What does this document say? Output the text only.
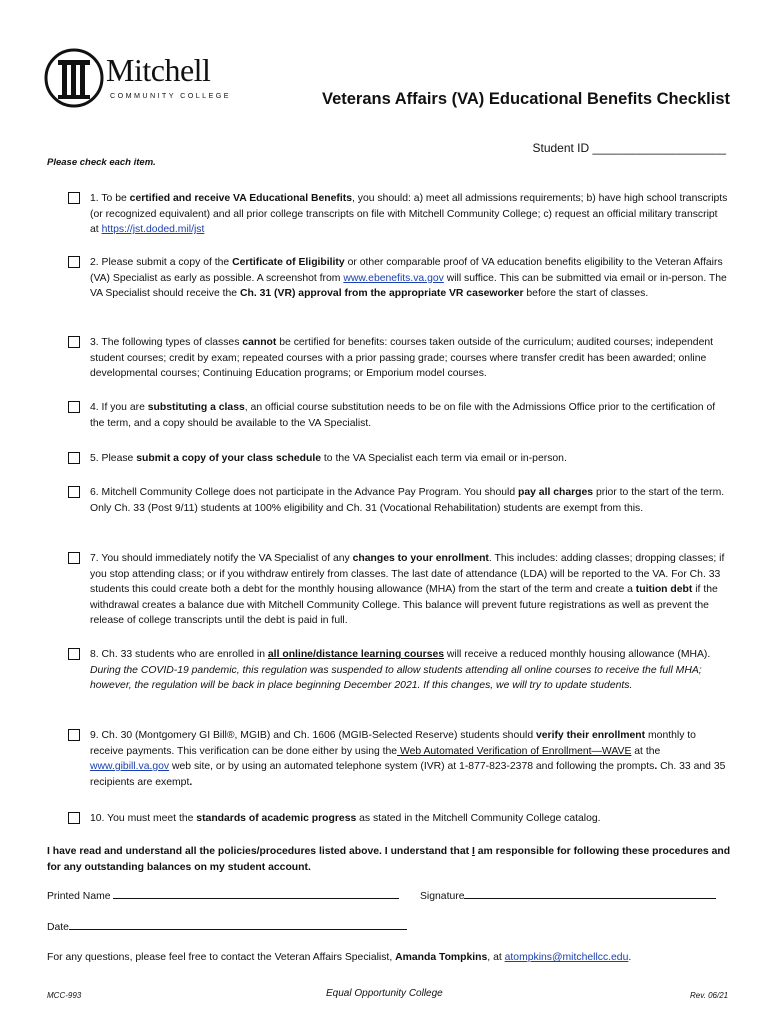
Mitchell
COMMUNITY COLLEGE	Veterans Affairs (VA) Educational Benefits Checklist
Student ID ____________________
Please check each item.
1. To be certified and receive VA Educational Benefits, you should: a) meet all admissions requirements; b) have high school transcripts (or recognized equivalent) and all prior college transcripts on file with Mitchell Community College; c) request an official military transcript at https://jst.doded.mil/jst
2. Please submit a copy of the Certificate of Eligibility or other comparable proof of VA education benefits eligibility to the Veteran Affairs (VA) Specialist as early as possible. A screenshot from www.ebenefits.va.gov will suffice. This can be submitted via email or in-person. The VA Specialist should receive the Ch. 31 (VR) approval from the appropriate VR caseworker before the start of classes.
3. The following types of classes cannot be certified for benefits: courses taken outside of the curriculum; audited courses; independent student courses; credit by exam; repeated courses with a prior passing grade; courses where transfer credit has been awarded; online developmental courses; Continuing Education programs; or Emporium model courses.
4. If you are substituting a class, an official course substitution needs to be on file with the Admissions Office prior to the certification of the term, and a copy should be available to the VA Specialist.
5. Please submit a copy of your class schedule to the VA Specialist each term via email or in-person.
6. Mitchell Community College does not participate in the Advance Pay Program. You should pay all charges prior to the start of the term. Only Ch. 33 (Post 9/11) students at 100% eligibility and Ch. 31 (Vocational Rehabilitation) students are exempt from this.
7. You should immediately notify the VA Specialist of any changes to your enrollment. This includes: adding classes; dropping classes; if you stop attending class; or if you withdraw entirely from classes. The last date of attendance (LDA) will be reported to the VA. For Ch. 33 students this could create both a debt for the monthly housing allowance (MHA) from the start of the term and create a tuition debt if the withdrawal creates a balance due with Mitchell Community College. This balance will prevent future registrations as well as prevent the release of college transcripts until the debt is paid in full.
8. Ch. 33 students who are enrolled in all online/distance learning courses will receive a reduced monthly housing allowance (MHA). During the COVID-19 pandemic, this regulation was suspended to allow students attending all online courses to receive the full MHA; however, the regulation will be back in place beginning December 2021. If this changes, we will try to update students.
9. Ch. 30 (Montgomery GI Bill®, MGIB) and Ch. 1606 (MGIB-Selected Reserve) students should verify their enrollment monthly to receive payments. This verification can be done either by using the Web Automated Verification of Enrollment—WAVE at the www.gibill.va.gov web site, or by using an automated telephone system (IVR) at 1-877-823-2378 and following the prompts. Ch. 33 and 35 recipients are exempt.
10. You must meet the standards of academic progress as stated in the Mitchell Community College catalog.
I have read and understand all the policies/procedures listed above. I understand that I am responsible for following these procedures and for any outstanding balances on my student account.
Printed Name	Signature
Date
For any questions, please feel free to contact the Veteran Affairs Specialist, Amanda Tompkins, at atompkins@mitchellcc.edu.
MCC-993	Equal Opportunity College	Rev. 06/21
